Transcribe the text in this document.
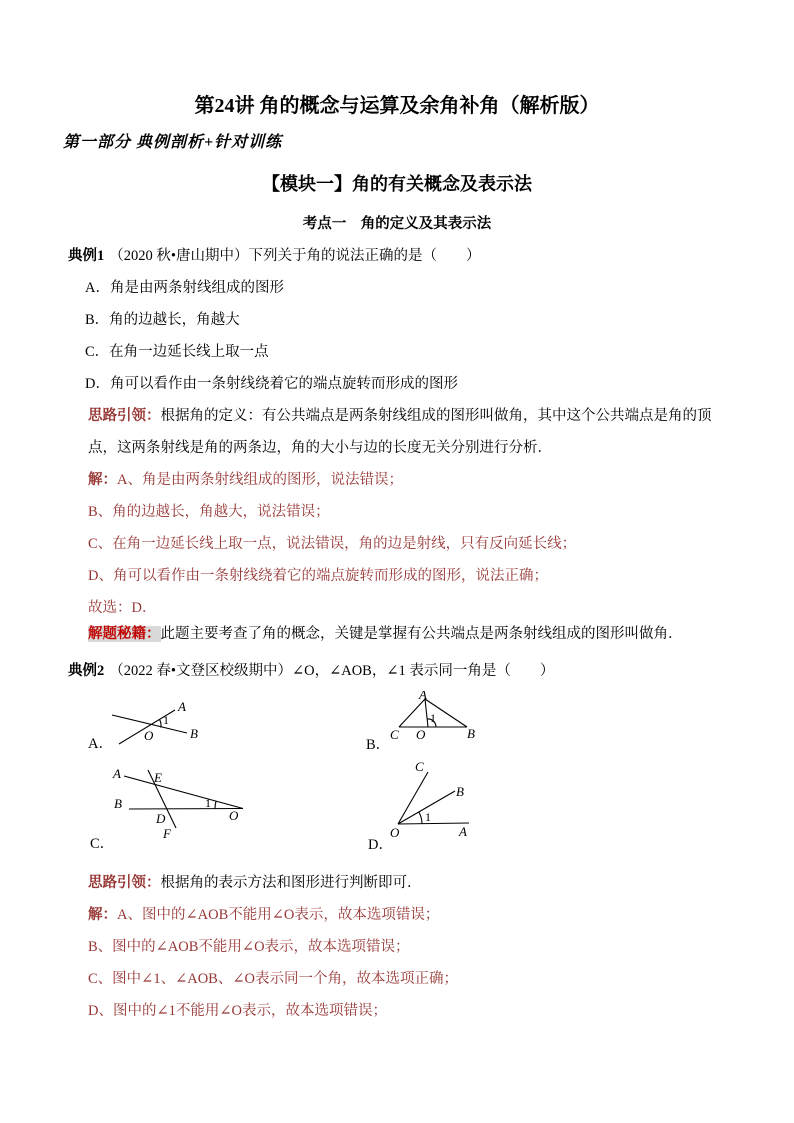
第24讲 角的概念与运算及余角补角（解析版）
第一部分 典例剖析+针对训练
【模块一】角的有关概念及表示法
考点一　角的定义及其表示法

典例1 （2020 秋•唐山期中）下列关于角的说法正确的是（　　）

A．角是由两条射线组成的图形

B．角的边越长，角越大

C．在角一边延长线上取一点

D．角可以看作由一条射线绕着它的端点旋转而形成的图形

思路引领：根据角的定义：有公共端点是两条射线组成的图形叫做角，其中这个公共端点是角的顶点，这两条射线是角的两条边，角的大小与边的长度无关分别进行分析．

解：A、角是由两条射线组成的图形，说法错误；

B、角的边越长，角越大，说法错误；

C、在角一边延长线上取一点，说法错误，角的边是射线，只有反向延长线；

D、角可以看作由一条射线绕着它的端点旋转而形成的图形，说法正确；

故选：D．

解题秘籍：此题主要考查了角的概念，关键是掌握有公共端点是两条射线组成的图形叫做角．

典例2 （2022 春•文登区校级期中）∠O，∠AOB，∠1 表示同一角是（　　）

A．
A
1
O	B
B．
A
1
C O	B
C．
A	E
B	1
D	O
F
D．
C
B
1
O	A

思路引领：根据角的表示方法和图形进行判断即可．

解：A、图中的∠AOB不能用∠O表示，故本选项错误；

B、图中的∠AOB不能用∠O表示，故本选项错误；

C、图中∠1、∠AOB、∠O表示同一个角，故本选项正确；

D、图中的∠1不能用∠O表示，故本选项错误；
